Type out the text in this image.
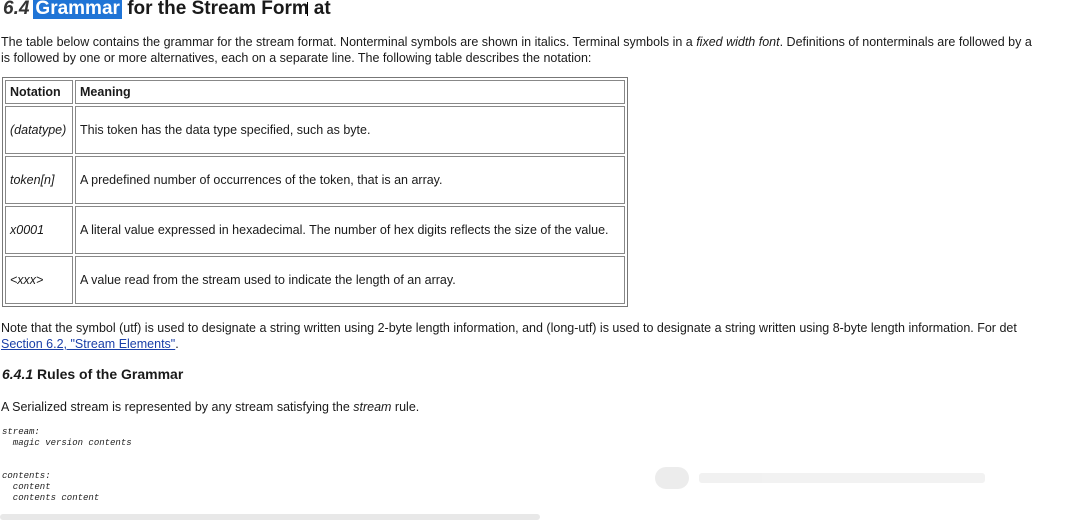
6.4 Grammar for the Stream Form at

The table below contains the grammar for the stream format. Nonterminal symbols are shown in italics. Terminal symbols in a fixed width font. Definitions of nonterminals are followed by a

is followed by one or more alternatives, each on a separate line. The following table describes the notation:

Notation	Meaning
(datatype)	This token has the data type specified, such as byte.
token[n]	A predefined number of occurrences of the token, that is an array.
x0001	A literal value expressed in hexadecimal. The number of hex digits reflects the size of the value.
<xxx>	A value read from the stream used to indicate the length of an array.

Note that the symbol (utf) is used to designate a string written using 2-byte length information, and (long-utf) is used to designate a string written using 8-byte length information. For det

Section 6.2, "Stream Elements".

6.4.1 Rules of the Grammar

A Serialized stream is represented by any stream satisfying the stream rule.

stream:
magic version contents
contents:
content
contents content
